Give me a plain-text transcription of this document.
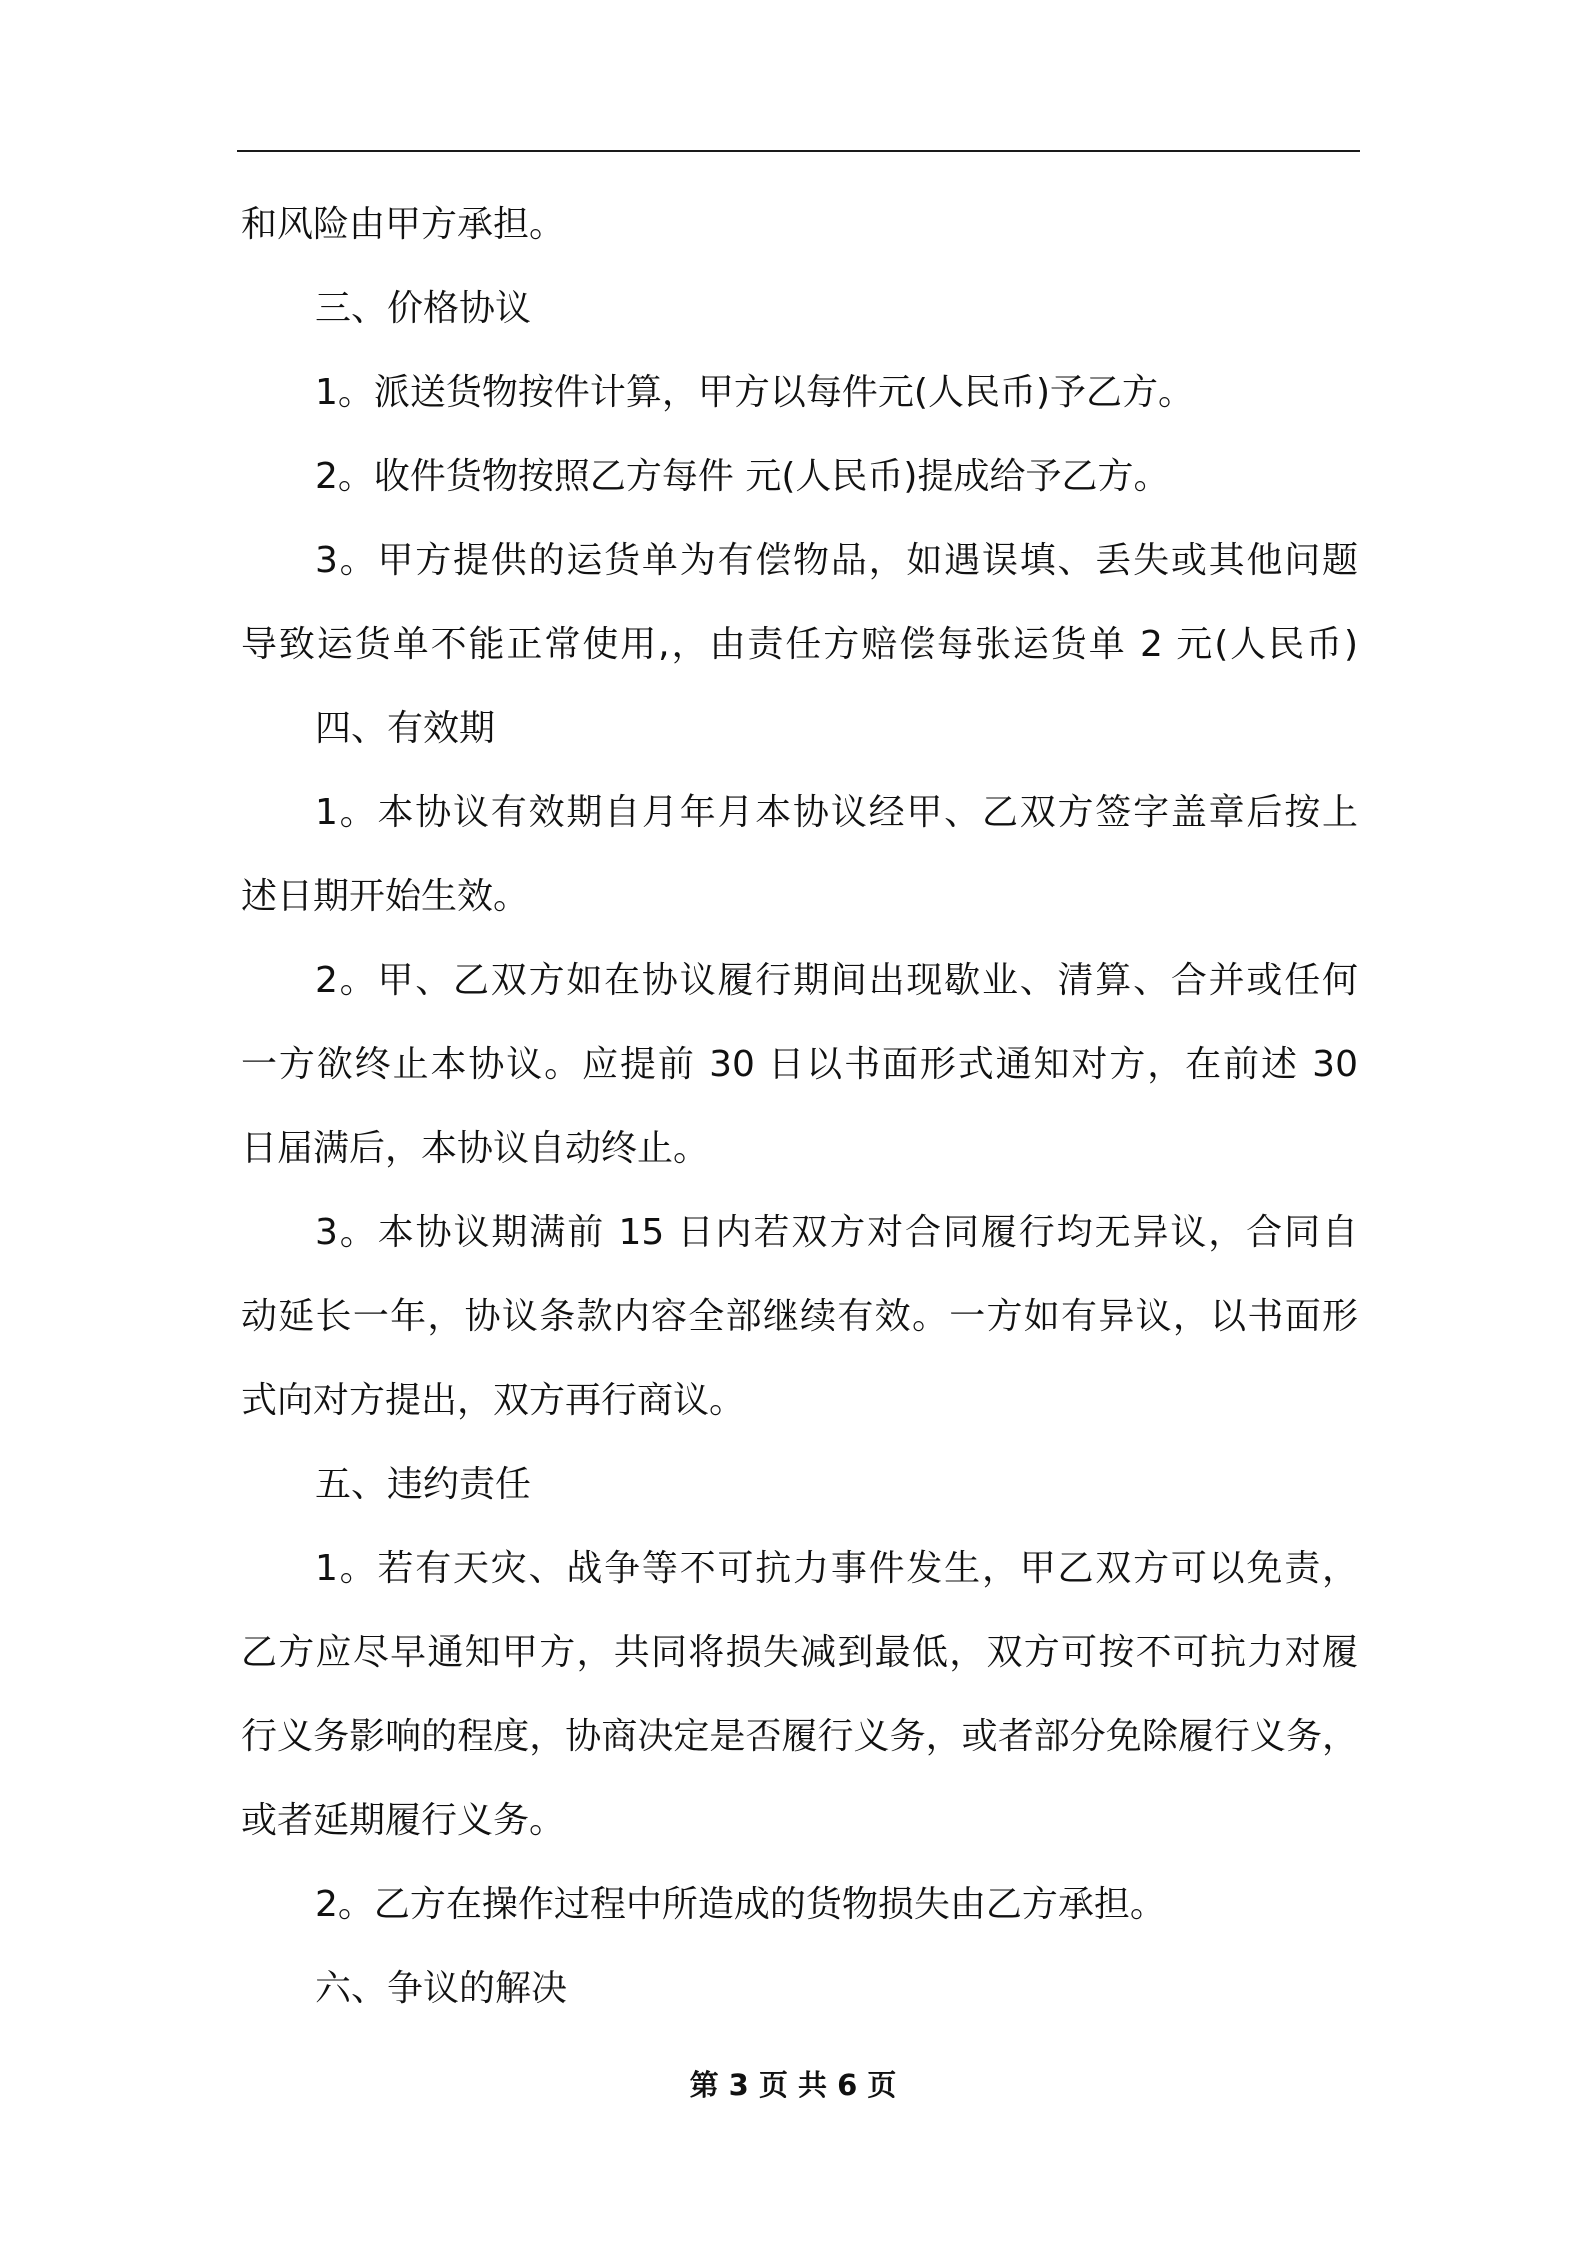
和风险由甲方承担。
三、价格协议
1。派送货物按件计算，甲方以每件元(人民币)予乙方。
2。收件货物按照乙方每件 元(人民币)提成给予乙方。
3。甲方提供的运货单为有偿物品，如遇误填、丢失或其他问题
导致运货单不能正常使用,，由责任方赔偿每张运货单 2 元(人民币)
四、有效期
1。本协议有效期自月年月本协议经甲、乙双方签字盖章后按上
述日期开始生效。
2。甲、乙双方如在协议履行期间出现歇业、清算、合并或任何
一方欲终止本协议。应提前 30 日以书面形式通知对方，在前述 30
日届满后，本协议自动终止。
3。本协议期满前 15 日内若双方对合同履行均无异议，合同自
动延长一年，协议条款内容全部继续有效。一方如有异议，以书面形
式向对方提出，双方再行商议。
五、违约责任
1。若有天灾、战争等不可抗力事件发生，甲乙双方可以免责，
乙方应尽早通知甲方，共同将损失减到最低，双方可按不可抗力对履
行义务影响的程度，协商决定是否履行义务，或者部分免除履行义务，
或者延期履行义务。
2。乙方在操作过程中所造成的货物损失由乙方承担。
六、争议的解决
第 3 页 共 6 页
